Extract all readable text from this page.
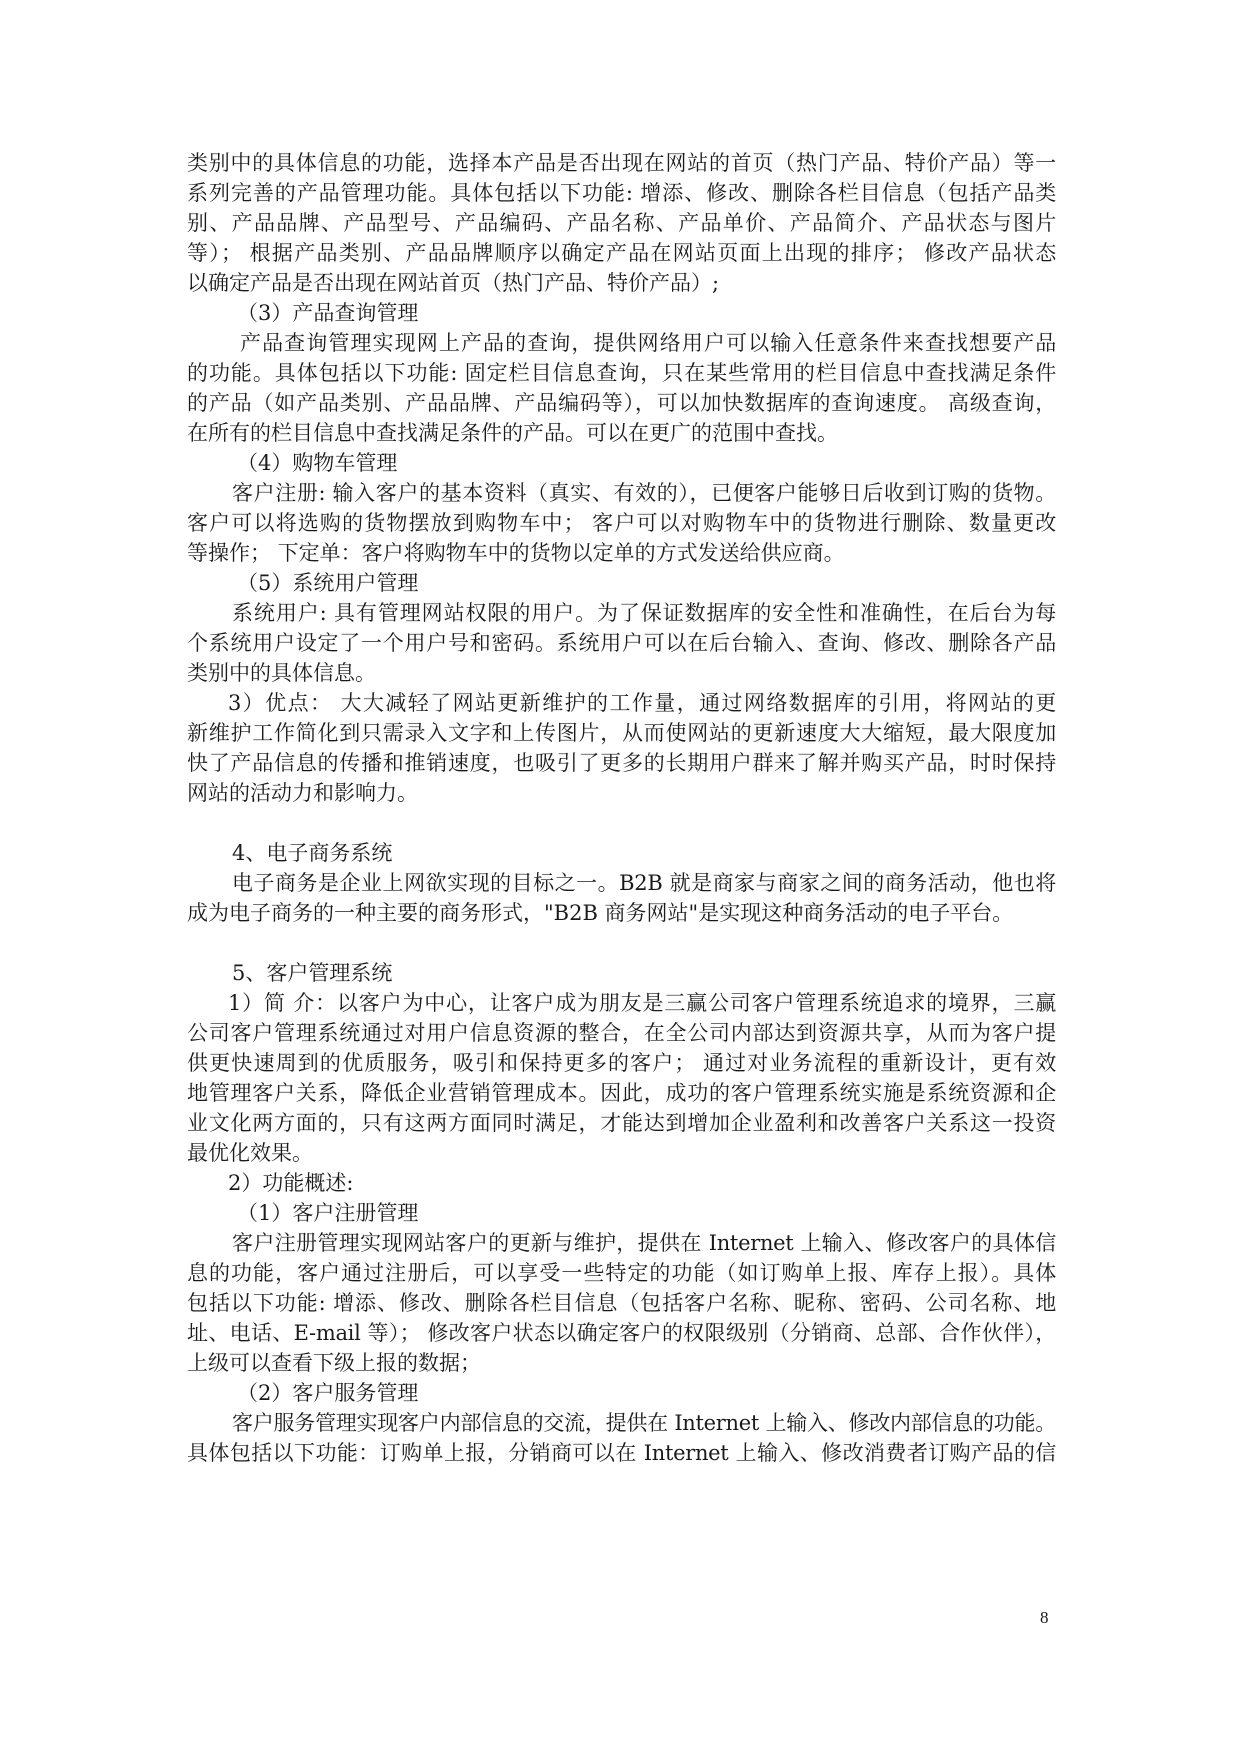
类别中的具体信息的功能，选择本产品是否出现在网站的首页（热门产品、特价产品）等一
系列完善的产品管理功能。具体包括以下功能: 增添、修改、删除各栏目信息（包括产品类
别、产品品牌、产品型号、产品编码、产品名称、产品单价、产品简介、产品状态与图片
等）； 根据产品类别、产品品牌顺序以确定产品在网站页面上出现的排序； 修改产品状态
以确定产品是否出现在网站首页（热门产品、特价产品）;
（3）产品查询管理
产品查询管理实现网上产品的查询，提供网络用户可以输入任意条件来查找想要产品
的功能。具体包括以下功能: 固定栏目信息查询，只在某些常用的栏目信息中查找满足条件
的产品（如产品类别、产品品牌、产品编码等），可以加快数据库的查询速度。 高级查询，
在所有的栏目信息中查找满足条件的产品。可以在更广的范围中查找。
（4）购物车管理
客户注册: 输入客户的基本资料（真实、有效的），已便客户能够日后收到订购的货物。
客户可以将选购的货物摆放到购物车中； 客户可以对购物车中的货物进行删除、数量更改
等操作； 下定单：客户将购物车中的货物以定单的方式发送给供应商。
（5）系统用户管理
系统用户: 具有管理网站权限的用户。为了保证数据库的安全性和准确性，在后台为每
个系统用户设定了一个用户号和密码。系统用户可以在后台输入、查询、修改、删除各产品
类别中的具体信息。
3）优点： 大大减轻了网站更新维护的工作量，通过网络数据库的引用，将网站的更
新维护工作简化到只需录入文字和上传图片，从而使网站的更新速度大大缩短，最大限度加
快了产品信息的传播和推销速度，也吸引了更多的长期用户群来了解并购买产品，时时保持
网站的活动力和影响力。
4、电子商务系统
电子商务是企业上网欲实现的目标之一。B2B 就是商家与商家之间的商务活动，他也将
成为电子商务的一种主要的商务形式，"B2B 商务网站"是实现这种商务活动的电子平台。
5、客户管理系统
1）简 介：以客户为中心，让客户成为朋友是三赢公司客户管理系统追求的境界，三赢
公司客户管理系统通过对用户信息资源的整合，在全公司内部达到资源共享，从而为客户提
供更快速周到的优质服务，吸引和保持更多的客户； 通过对业务流程的重新设计，更有效
地管理客户关系，降低企业营销管理成本。因此，成功的客户管理系统实施是系统资源和企
业文化两方面的，只有这两方面同时满足，才能达到增加企业盈利和改善客户关系这一投资
最优化效果。
2）功能概述:
（1）客户注册管理
客户注册管理实现网站客户的更新与维护，提供在 Internet 上输入、修改客户的具体信
息的功能，客户通过注册后，可以享受一些特定的功能（如订购单上报、库存上报）。具体
包括以下功能: 增添、修改、删除各栏目信息（包括客户名称、昵称、密码、公司名称、地
址、电话、E-mail 等）； 修改客户状态以确定客户的权限级别（分销商、总部、合作伙伴），
上级可以查看下级上报的数据；
（2）客户服务管理
客户服务管理实现客户内部信息的交流，提供在 Internet 上输入、修改内部信息的功能。
具体包括以下功能：订购单上报，分销商可以在 Internet 上输入、修改消费者订购产品的信
8
